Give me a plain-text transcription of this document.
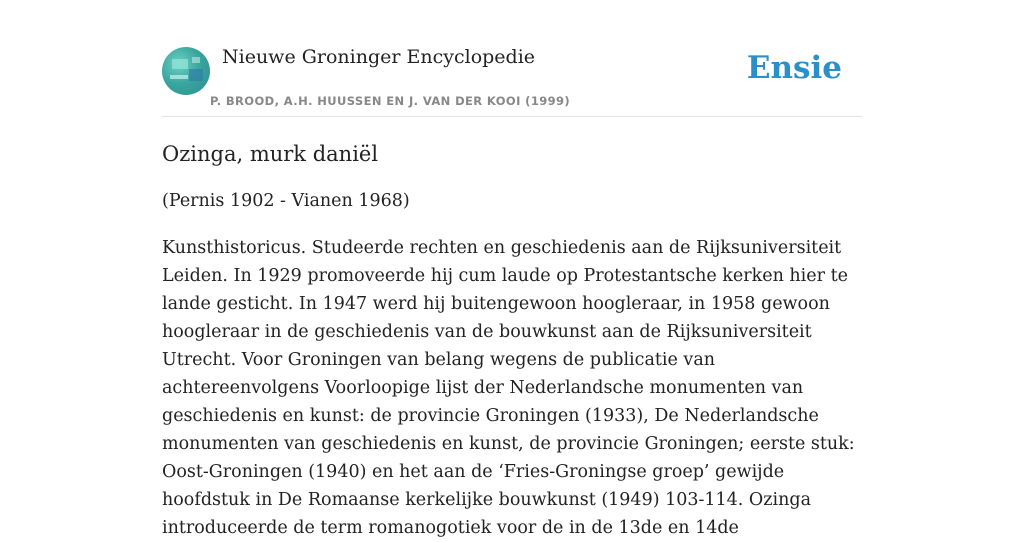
Nieuwe Groninger Encyclopedie
P. BROOD, A.H. HUUSSEN EN J. VAN DER KOOI (1999)
Ensie
Ozinga, murk daniël

(Pernis 1902 - Vianen 1968)

Kunsthistoricus. Studeerde rechten en geschiedenis aan de Rijksuniversiteit Leiden. In 1929 promoveerde hij cum laude op Protestantsche kerken hier te lande gesticht. In 1947 werd hij buitengewoon hoogleraar, in 1958 gewoon hoogleraar in de geschiedenis van de bouwkunst aan de Rijksuniversiteit Utrecht. Voor Groningen van belang wegens de publicatie van achtereenvolgens Voorloopige lijst der Nederlandsche monumenten van geschiedenis en kunst: de provincie Groningen (1933), De Nederlandsche monumenten van geschiedenis en kunst, de provincie Groningen; eerste stuk: Oost-Groningen (1940) en het aan de ‘Fries-Groningse groep’ gewijde hoofdstuk in De Romaanse kerkelijke bouwkunst (1949) 103-114. Ozinga introduceerde de term romanogotiek voor de in de 13de en 14de
